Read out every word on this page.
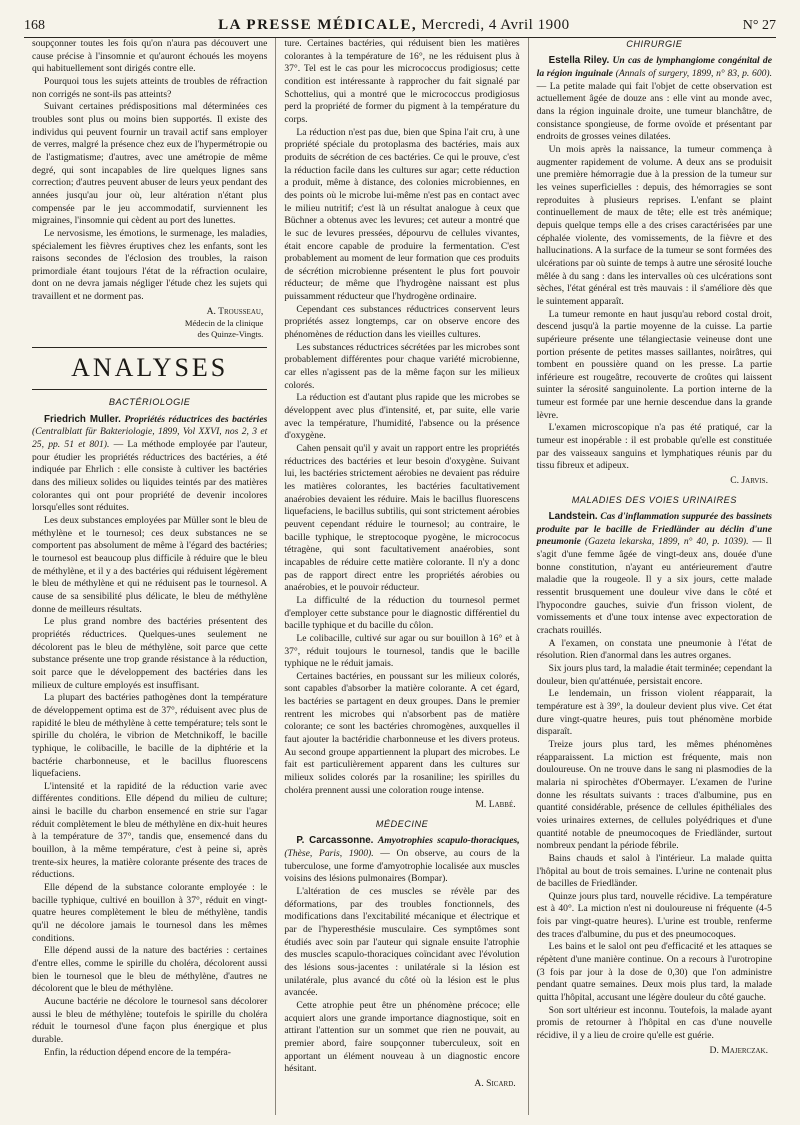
168	LA PRESSE MÉDICALE, Mercredi, 4 Avril 1900	N° 27

soupçonner toutes les fois qu'on n'aura pas découvert une cause précise à l'insomnie et qu'auront échoués les moyens qui habituellement sont dirigés contre elle.

Pourquoi tous les sujets atteints de troubles de réfraction non corrigés ne sont-ils pas atteints?

Suivant certaines prédispositions mal déterminées ces troubles sont plus ou moins bien supportés. Il existe des individus qui peuvent fournir un travail actif sans employer de verres, malgré la présence chez eux de l'hypermétropie ou de l'astigmatisme; d'autres, avec une amétropie de même degré, qui sont incapables de lire quelques lignes sans correction; d'autres peuvent abuser de leurs yeux pendant des années jusqu'au jour où, leur altération n'étant plus compensée par le jeu accommodatif, surviennent les migraines, l'insomnie qui cèdent au port des lunettes.

Le nervosisme, les émotions, le surmenage, les maladies, spécialement les fièvres éruptives chez les enfants, sont les raisons secondes de l'éclosion des troubles, la raison primordiale étant toujours l'état de la réfraction oculaire, dont on ne devra jamais négliger l'étude chez les sujets qui travaillent et ne dorment pas.

A. Trousseau,
Médecin de la clinique
des Quinze-Vingts.
ANALYSES
BACTÉRIOLOGIE

Friedrich Muller. Propriétés réductrices des bactéries (Centralblatt für Bakteriologie, 1899, Vol XXVI, nos 2, 3 et 25, pp. 51 et 801). — La méthode employée par l'auteur, pour étudier les propriétés réductrices des bactéries, a été indiquée par Ehrlich : elle consiste à cultiver les bactéries dans des milieux solides ou liquides teintés par des matières colorantes qui ont pour propriété de devenir incolores lorsqu'elles sont réduites.

Les deux substances employées par Müller sont le bleu de méthylène et le tournesol; ces deux substances ne se comportent pas absolument de même à l'égard des bactéries; le tournesol est beaucoup plus difficile à réduire que le bleu de méthylène, et il y a des bactéries qui réduisent légèrement le bleu de méthylène et qui ne réduisent pas le tournesol. A cause de sa sensibilité plus délicate, le bleu de méthylène donne de meilleurs résultats.

Le plus grand nombre des bactéries présentent des propriétés réductrices. Quelques-unes seulement ne décolorent pas le bleu de méthylène, soit parce que cette substance présente une trop grande résistance à la réduction, soit parce que le développement des bactéries dans les milieux de culture employés est insuffisant.

La plupart des bactéries pathogènes dont la température de développement optima est de 37°, réduisent avec plus de rapidité le bleu de méthylène à cette température; tels sont le spirille du choléra, le vibrion de Metchnikoff, le bacille typhique, le colibacille, le bacille de la diphtérie et la bactérie charbonneuse, et le bacillus fluorescens liquefaciens.

L'intensité et la rapidité de la réduction varie avec différentes conditions. Elle dépend du milieu de culture; ainsi le bacille du charbon ensemencé en strie sur l'agar réduit complètement le bleu de méthylène en dix-huit heures à la température de 37°, tandis que, ensemencé dans du bouillon, à la même température, c'est à peine si, après trente-six heures, la matière colorante présente des traces de réductions.

Elle dépend de la substance colorante employée : le bacille typhique, cultivé en bouillon à 37°, réduit en vingt-quatre heures complètement le bleu de méthylène, tandis qu'il ne décolore jamais le tournesol dans les mêmes conditions.

Elle dépend aussi de la nature des bactéries : certaines d'entre elles, comme le spirille du choléra, décolorent aussi bien le tournesol que le bleu de méthylène, d'autres ne décolorent que le bleu de méthylène.

Aucune bactérie ne décolore le tournesol sans décolorer aussi le bleu de méthylène; toutefois le spirille du choléra réduit le tournesol d'une façon plus énergique et plus durable.

Enfin, la réduction dépend encore de la tempéra-

ture. Certaines bactéries, qui réduisent bien les matières colorantes à la température de 16°, ne les réduisent plus à 37°. Tel est le cas pour les micrococcus prodigiosus; cette condition est intéressante à rapprocher du fait signalé par Schottelius, qui a montré que le micrococcus prodigiosus perd la propriété de former du pigment à la température du corps.

La réduction n'est pas due, bien que Spina l'ait cru, à une propriété spéciale du protoplasma des bactéries, mais aux produits de sécrétion de ces bactéries. Ce qui le prouve, c'est la réduction facile dans les cultures sur agar; cette réduction a produit, même à distance, des colonies microbiennes, en des points où le microbe lui-même n'est pas en contact avec le milieu nutritif; c'est là un résultat analogue à ceux que Büchner a obtenus avec les levures; cet auteur a montré que le suc de levures pressées, dépourvu de cellules vivantes, était encore capable de produire la fermentation. C'est probablement au moment de leur formation que ces produits de sécrétion microbienne présentent le plus fort pouvoir réducteur; de même que l'hydrogène naissant est plus puissamment réducteur que l'hydrogène ordinaire.

Cependant ces substances réductrices conservent leurs propriétés assez longtemps, car on observe encore des phénomènes de réduction dans les vieilles cultures.

Les substances réductrices sécrétées par les microbes sont probablement différentes pour chaque variété microbienne, car elles n'agissent pas de la même façon sur les milieux colorés.

La réduction est d'autant plus rapide que les microbes se développent avec plus d'intensité, et, par suite, elle varie avec la température, l'humidité, l'absence ou la présence d'oxygène.

Cahen pensait qu'il y avait un rapport entre les propriétés réductrices des bactéries et leur besoin d'oxygène. Suivant lui, les bactéries strictement aérobies ne devaient pas réduire les matières colorantes, les bactéries facultativement anaérobies devaient les réduire. Mais le bacillus fluorescens liquefaciens, le bacillus subtilis, qui sont strictement aérobies peuvent cependant réduire le tournesol; au contraire, le bacille typhique, le streptocoque pyogène, le micrococus tétragène, qui sont facultativement anaérobies, sont incapables de réduire cette matière colorante. Il n'y a donc pas de rapport direct entre les propriétés aérobies ou anaérobies, et le pouvoir réducteur.

La difficulté de la réduction du tournesol permet d'employer cette substance pour le diagnostic différentiel du bacille typhique et du bacille du côlon.

Le colibacille, cultivé sur agar ou sur bouillon à 16° et à 37°, réduit toujours le tournesol, tandis que le bacille typhique ne le réduit jamais.

Certaines bactéries, en poussant sur les milieux colorés, sont capables d'absorber la matière colorante. A cet égard, les bactéries se partagent en deux groupes. Dans le premier rentrent les microbes qui n'absorbent pas de matière colorante; ce sont les bactéries chromogènes, auxquelles il faut ajouter la bactéridie charbonneuse et les divers proteus. Au second groupe appartiennent la plupart des microbes. Le fait est particulièrement apparent dans les cultures sur milieux solides colorés par la rosaniline; les spirilles du choléra prennent aussi une coloration rouge intense.

M. Labbé.
MÉDECINE

P. Carcassonne. Amyotrophies scapulo-thoraciques, (Thèse, Paris, 1900). — On observe, au cours de la tuberculose, une forme d'amyotrophie localisée aux muscles voisins des lésions pulmonaires (Bompar).

L'altération de ces muscles se révèle par des déformations, par des troubles fonctionnels, des modifications dans l'excitabilité mécanique et électrique et par de l'hyperesthésie musculaire. Ces symptômes sont étudiés avec soin par l'auteur qui signale ensuite l'atrophie des muscles scapulo-thoraciques coïncidant avec l'évolution des lésions sous-jacentes : unilatérale si la lésion est unilatérale, plus avancé du côté où la lésion est le plus avancée.

Cette atrophie peut être un phénomène précoce; elle acquiert alors une grande importance diagnostique, soit en attirant l'attention sur un sommet que rien ne pouvait, au premier abord, faire soupçonner tuberculeux, soit en apportant un élément nouveau à un diagnostic encore hésitant.

A. Sicard.
CHIRURGIE

Estella Riley. Un cas de lymphangiome congénital de la région inguinale (Annals of surgery, 1899, n° 83, p. 600). — La petite malade qui fait l'objet de cette observation est actuellement âgée de douze ans : elle vint au monde avec, dans la région inguinale droite, une tumeur blanchâtre, de consistance spongieuse, de forme ovoïde et présentant par endroits de grosses veines dilatées.

Un mois après la naissance, la tumeur commença à augmenter rapidement de volume. A deux ans se produisit une première hémorragie due à la pression de la tumeur sur les veines superficielles : depuis, des hémorragies se sont reproduites à plusieurs reprises. L'enfant se plaint continuellement de maux de tête; elle est très anémique; depuis quelque temps elle a des crises caractérisées par une céphalée violente, des vomissements, de la fièvre et des hallucinations. A la surface de la tumeur se sont formées des ulcérations par où suinte de temps à autre une sérosité louche mêlée à du sang : dans les intervalles où ces ulcérations sont sèches, l'état général est très mauvais : il s'améliore dès que le suintement apparaît.

La tumeur remonte en haut jusqu'au rebord costal droit, descend jusqu'à la partie moyenne de la cuisse. La partie supérieure présente une télangiectasie veineuse dont une portion présente de petites masses saillantes, noirâtres, qui tombent en poussière quand on les presse. La partie inférieure est rougeâtre, recouverte de croûtes qui laissent suinter la sérosité sanguinolente. La portion interne de la tumeur est formée par une hernie descendue dans la grande lèvre.

L'examen microscopique n'a pas été pratiqué, car la tumeur est inopérable : il est probable qu'elle est constituée par des vaisseaux sanguins et lymphatiques réunis par du tissu fibreux et adipeux.

C. Jarvis.
MALADIES DES VOIES URINAIRES

Landstein. Cas d'inflammation suppurée des bassinets produite par le bacille de Friedländer au déclin d'une pneumonie (Gazeta lekarska, 1899, n° 40, p. 1039). — Il s'agit d'une femme âgée de vingt-deux ans, douée d'une bonne constitution, n'ayant eu antérieurement d'autre maladie que la rougeole. Il y a six jours, cette malade ressentit brusquement une douleur vive dans le côté et l'hypocondre gauches, suivie d'un frisson violent, de vomissements et d'une toux intense avec expectoration de crachats rouillés.

A l'examen, on constata une pneumonie à l'état de résolution. Rien d'anormal dans les autres organes.

Six jours plus tard, la maladie était terminée; cependant la douleur, bien qu'atténuée, persistait encore.

Le lendemain, un frisson violent réapparait, la température est à 39°, la douleur devient plus vive. Cet état dure vingt-quatre heures, puis tout phénomène morbide disparaît.

Treize jours plus tard, les mêmes phénomènes réapparaissent. La miction est fréquente, mais non douloureuse. On ne trouve dans le sang ni plasmodies de la malaria ni spirochètes d'Obermayer. L'examen de l'urine donne les résultats suivants : traces d'albumine, pus en quantité considérable, présence de cellules épithéliales des voies urinaires externes, de cellules polyédriques et d'une quantité notable de pneumocoques de Friedländer, surtout nombreux pendant la période fébrile.

Bains chauds et salol à l'intérieur. La malade quitta l'hôpital au bout de trois semaines. L'urine ne contenait plus de bacilles de Friedländer.

Quinze jours plus tard, nouvelle récidive. La température est à 40°. La miction n'est ni douloureuse ni fréquente (4-5 fois par vingt-quatre heures). L'urine est trouble, renferme des traces d'albumine, du pus et des pneumocoques.

Les bains et le salol ont peu d'efficacité et les attaques se répètent d'une manière continue. On a recours à l'urotropine (3 fois par jour à la dose de 0,30) que l'on administre pendant quatre semaines. Deux mois plus tard, la malade quitta l'hôpital, accusant une légère douleur du côté gauche.

Son sort ultérieur est inconnu. Toutefois, la malade ayant promis de retourner à l'hôpital en cas d'une nouvelle récidive, il y a lieu de croire qu'elle est guérie.

D. Majerczak.
